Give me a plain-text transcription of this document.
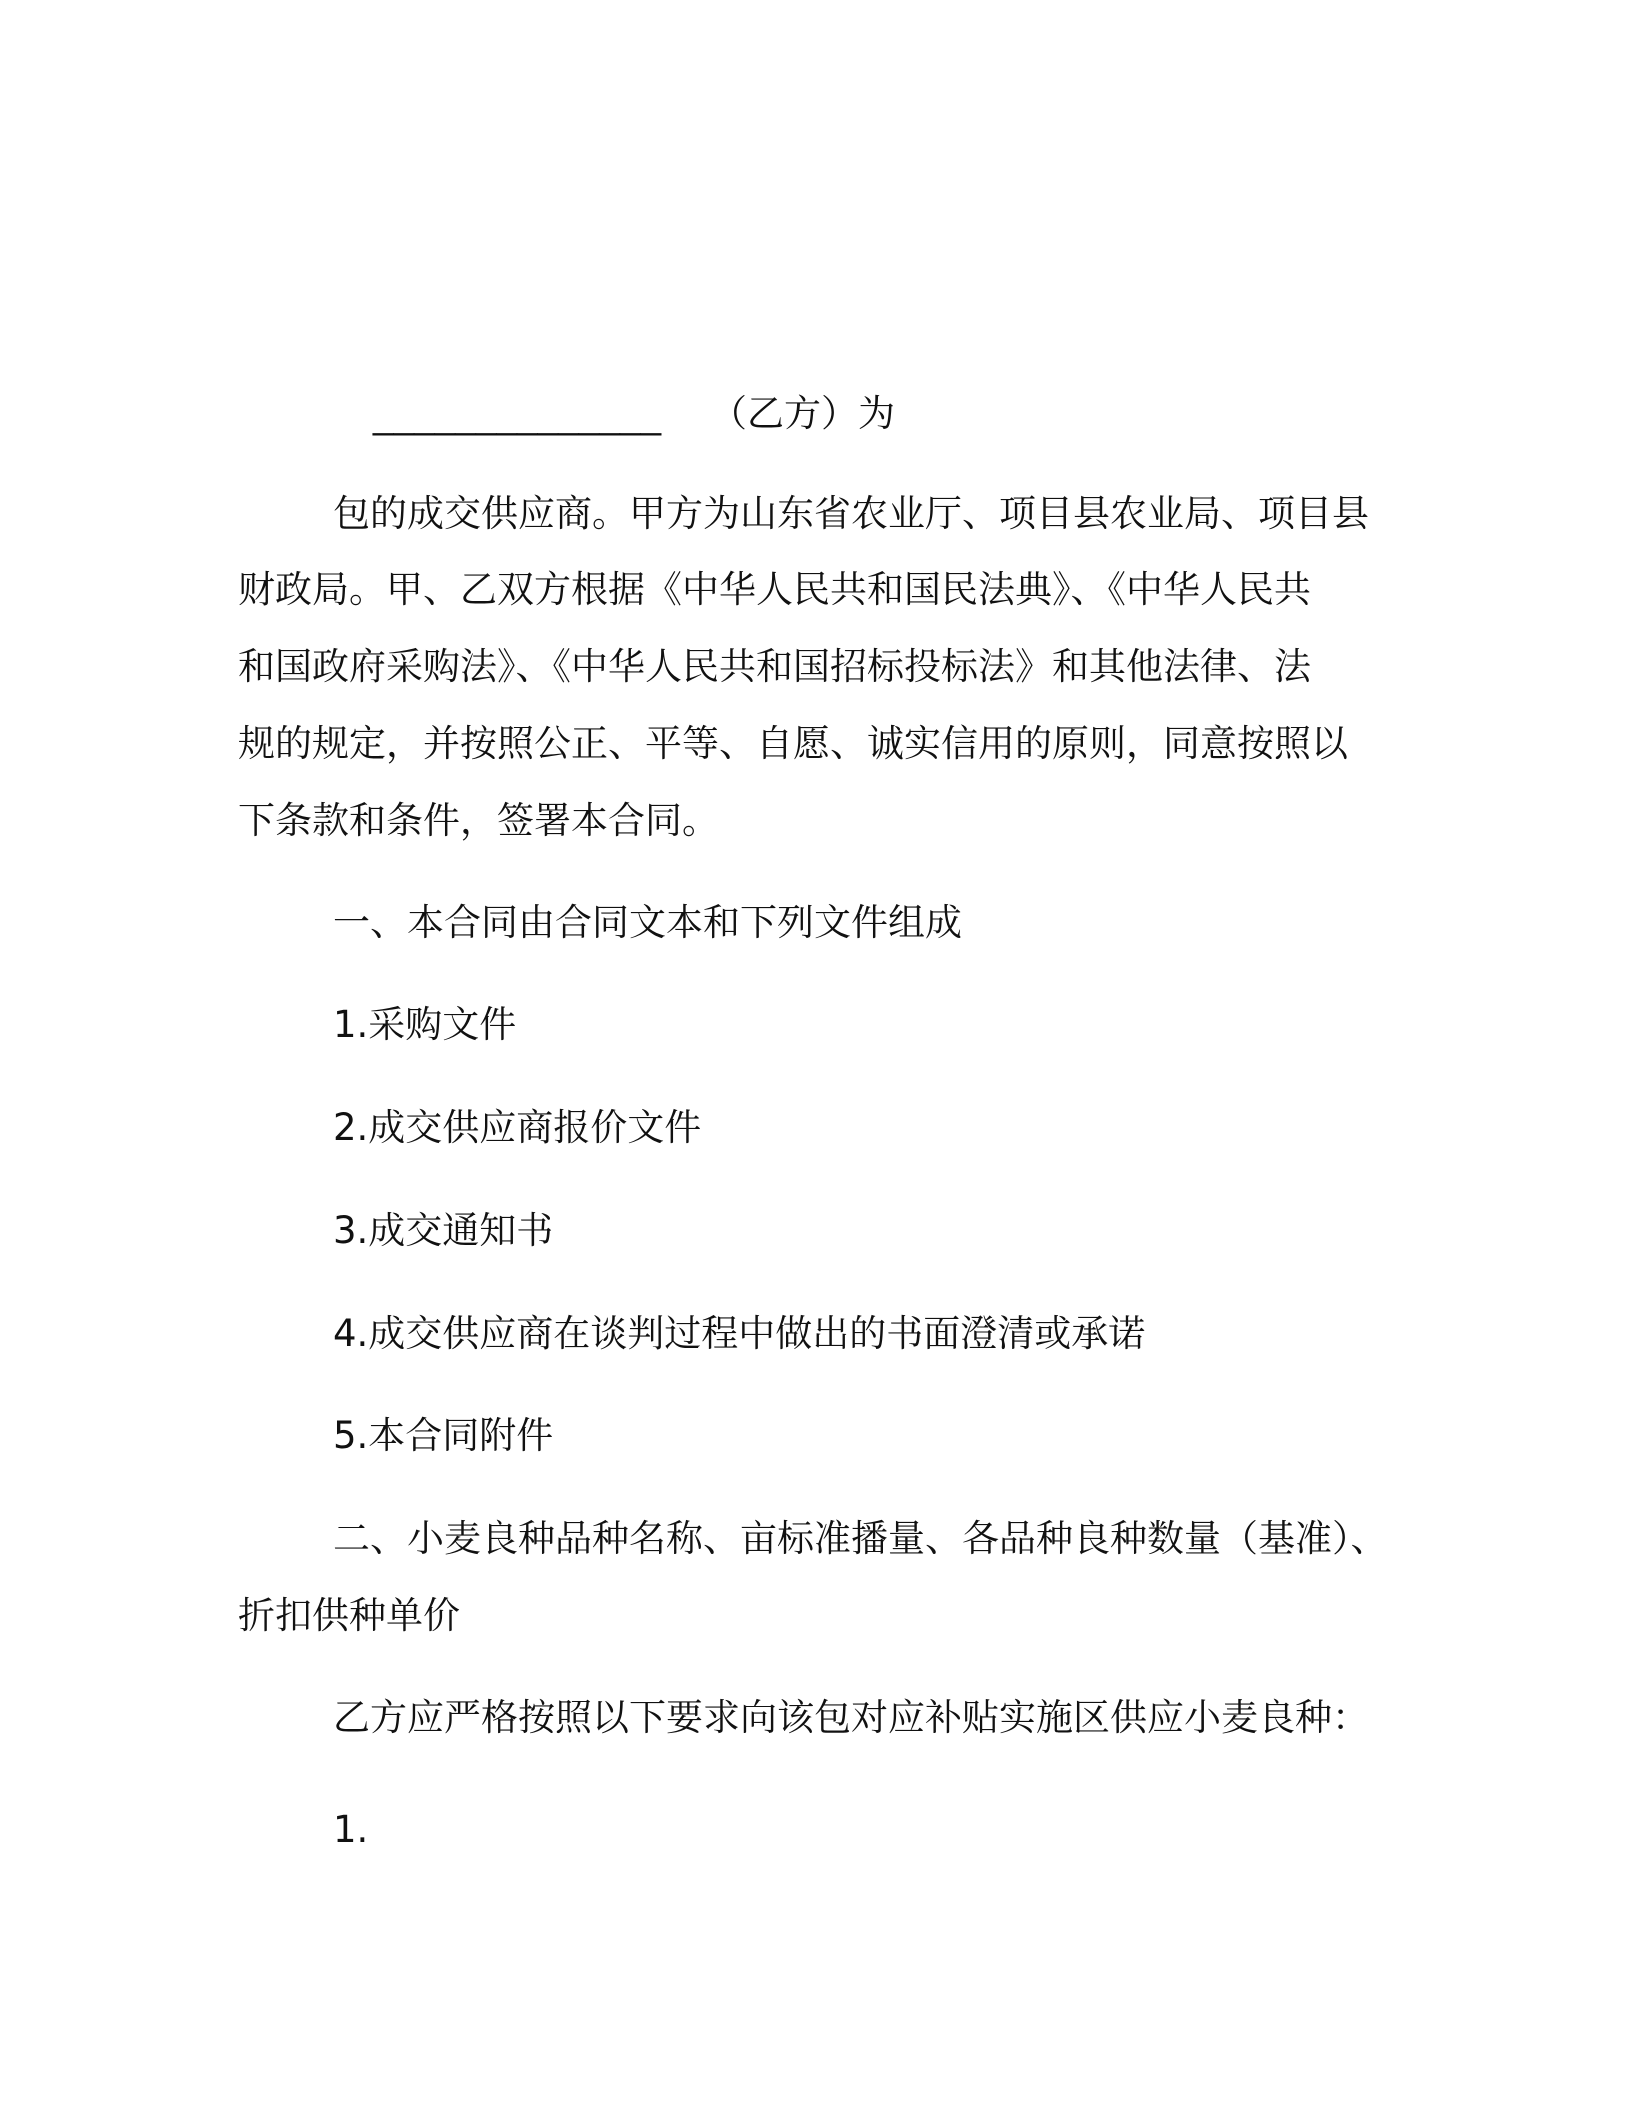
______________ （乙方）为
包的成交供应商。甲方为山东省农业厅、项目县农业局、项目县
财政局。甲、乙双方根据《中华人民共和国民法典》、《中华人民共
和国政府采购法》、《中华人民共和国招标投标法》和其他法律、法
规的规定，并按照公正、平等、自愿、诚实信用的原则，同意按照以
下条款和条件，签署本合同。
一、本合同由合同文本和下列文件组成
1.采购文件
2.成交供应商报价文件
3.成交通知书
4.成交供应商在谈判过程中做出的书面澄清或承诺
5.本合同附件
二、小麦良种品种名称、亩标准播量、各品种良种数量（基准）、
折扣供种单价
乙方应严格按照以下要求向该包对应补贴实施区供应小麦良种：
1.
